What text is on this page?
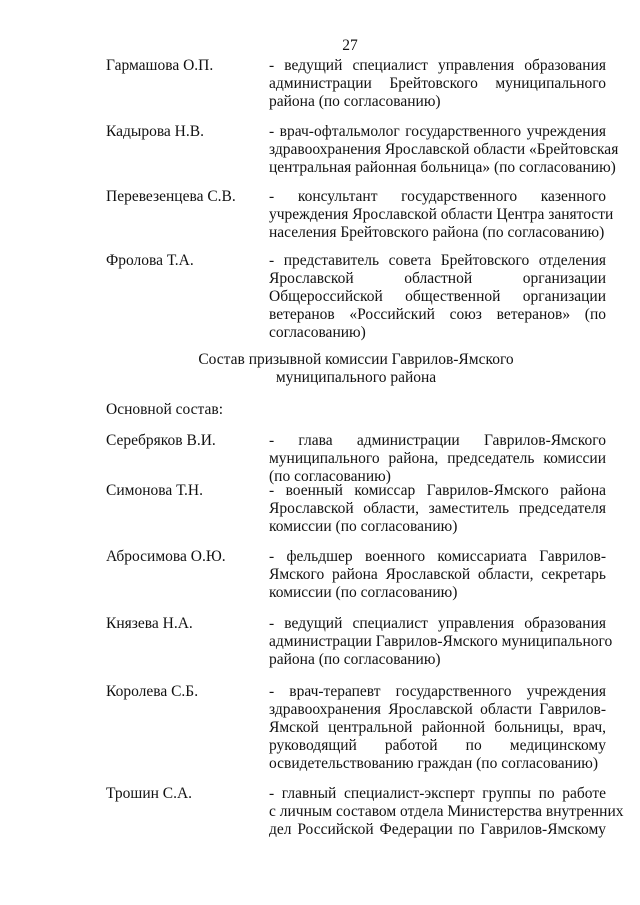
27
Гармашова О.П.	- ведущий специалист управления образования
администрации Брейтовского муниципального
района (по согласованию)
Кадырова Н.В.	- врач-офтальмолог государственного учреждения
здравоохранения Ярославской области «Брейтовская
центральная районная больница» (по согласованию)
Перевезенцева С.В. - консультант государственного казенного
учреждения Ярославской области Центра занятости
населения Брейтовского района (по согласованию)
Фролова Т.А.	- представитель совета Брейтовского отделения
Ярославской областной организации
Общероссийской общественной организации
ветеранов «Российский союз ветеранов» (по
согласованию)
Состав призывной комиссии Гаврилов-Ямского
муниципального района
Основной состав:
Серебряков В.И.	- глава администрации Гаврилов-Ямского
муниципального района, председатель комиссии
(по согласованию)
Симонова Т.Н.	- военный комиссар Гаврилов-Ямского района
Ярославской области, заместитель председателя
комиссии (по согласованию)
Абросимова О.Ю.	- фельдшер военного комиссариата Гаврилов-
Ямского района Ярославской области, секретарь
комиссии (по согласованию)
Князева Н.А.	- ведущий специалист управления образования
администрации Гаврилов-Ямского муниципального
района (по согласованию)
Королева С.Б.	- врач-терапевт государственного учреждения
здравоохранения Ярославской области Гаврилов-
Ямской центральной районной больницы, врач,
руководящий работой по медицинскому
освидетельствованию граждан (по согласованию)
Трошин С.А.	- главный специалист-эксперт группы по работе
с личным составом отдела Министерства внутренних
дел Российской Федерации по Гаврилов-Ямскому
